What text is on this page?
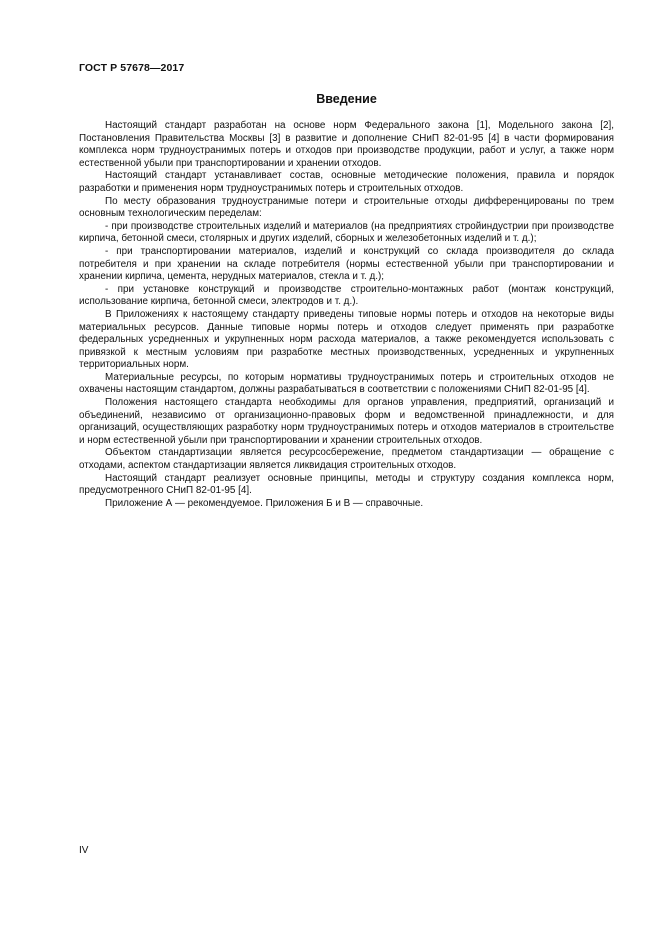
ГОСТ Р 57678—2017
Введение

Настоящий стандарт разработан на основе норм Федерального закона [1], Модельного закона [2], Постановления Правительства Москвы [3] в развитие и дополнение СНиП 82-01-95 [4] в части формирования комплекса норм трудноустранимых потерь и отходов при производстве продукции, работ и услуг, а также норм естественной убыли при транспортировании и хранении отходов.

Настоящий стандарт устанавливает состав, основные методические положения, правила и порядок разработки и применения норм трудноустранимых потерь и строительных отходов.

По месту образования трудноустранимые потери и строительные отходы дифференцированы по трем основным технологическим переделам:

- при производстве строительных изделий и материалов (на предприятиях стройиндустрии при производстве кирпича, бетонной смеси, столярных и других изделий, сборных и железобетонных изделий и т. д.);

- при транспортировании материалов, изделий и конструкций со склада производителя до склада потребителя и при хранении на складе потребителя (нормы естественной убыли при транспортировании и хранении кирпича, цемента, нерудных материалов, стекла и т. д.);

- при установке конструкций и производстве строительно-монтажных работ (монтаж конструкций, использование кирпича, бетонной смеси, электродов и т. д.).

В Приложениях к настоящему стандарту приведены типовые нормы потерь и отходов на некоторые виды материальных ресурсов. Данные типовые нормы потерь и отходов следует применять при разработке федеральных усредненных и укрупненных норм расхода материалов, а также рекомендуется использовать с привязкой к местным условиям при разработке местных производственных, усредненных и укрупненных территориальных норм.

Материальные ресурсы, по которым нормативы трудноустранимых потерь и строительных отходов не охвачены настоящим стандартом, должны разрабатываться в соответствии с положениями СНиП 82-01-95 [4].

Положения настоящего стандарта необходимы для органов управления, предприятий, организаций и объединений, независимо от организационно-правовых форм и ведомственной принадлежности, и для организаций, осуществляющих разработку норм трудноустранимых потерь и отходов материалов в строительстве и норм естественной убыли при транспортировании и хранении строительных отходов.

Объектом стандартизации является ресурсосбережение, предметом стандартизации — обращение с отходами, аспектом стандартизации является ликвидация строительных отходов.

Настоящий стандарт реализует основные принципы, методы и структуру создания комплекса норм, предусмотренного СНиП 82-01-95 [4].

Приложение А — рекомендуемое. Приложения Б и В — справочные.

IV
